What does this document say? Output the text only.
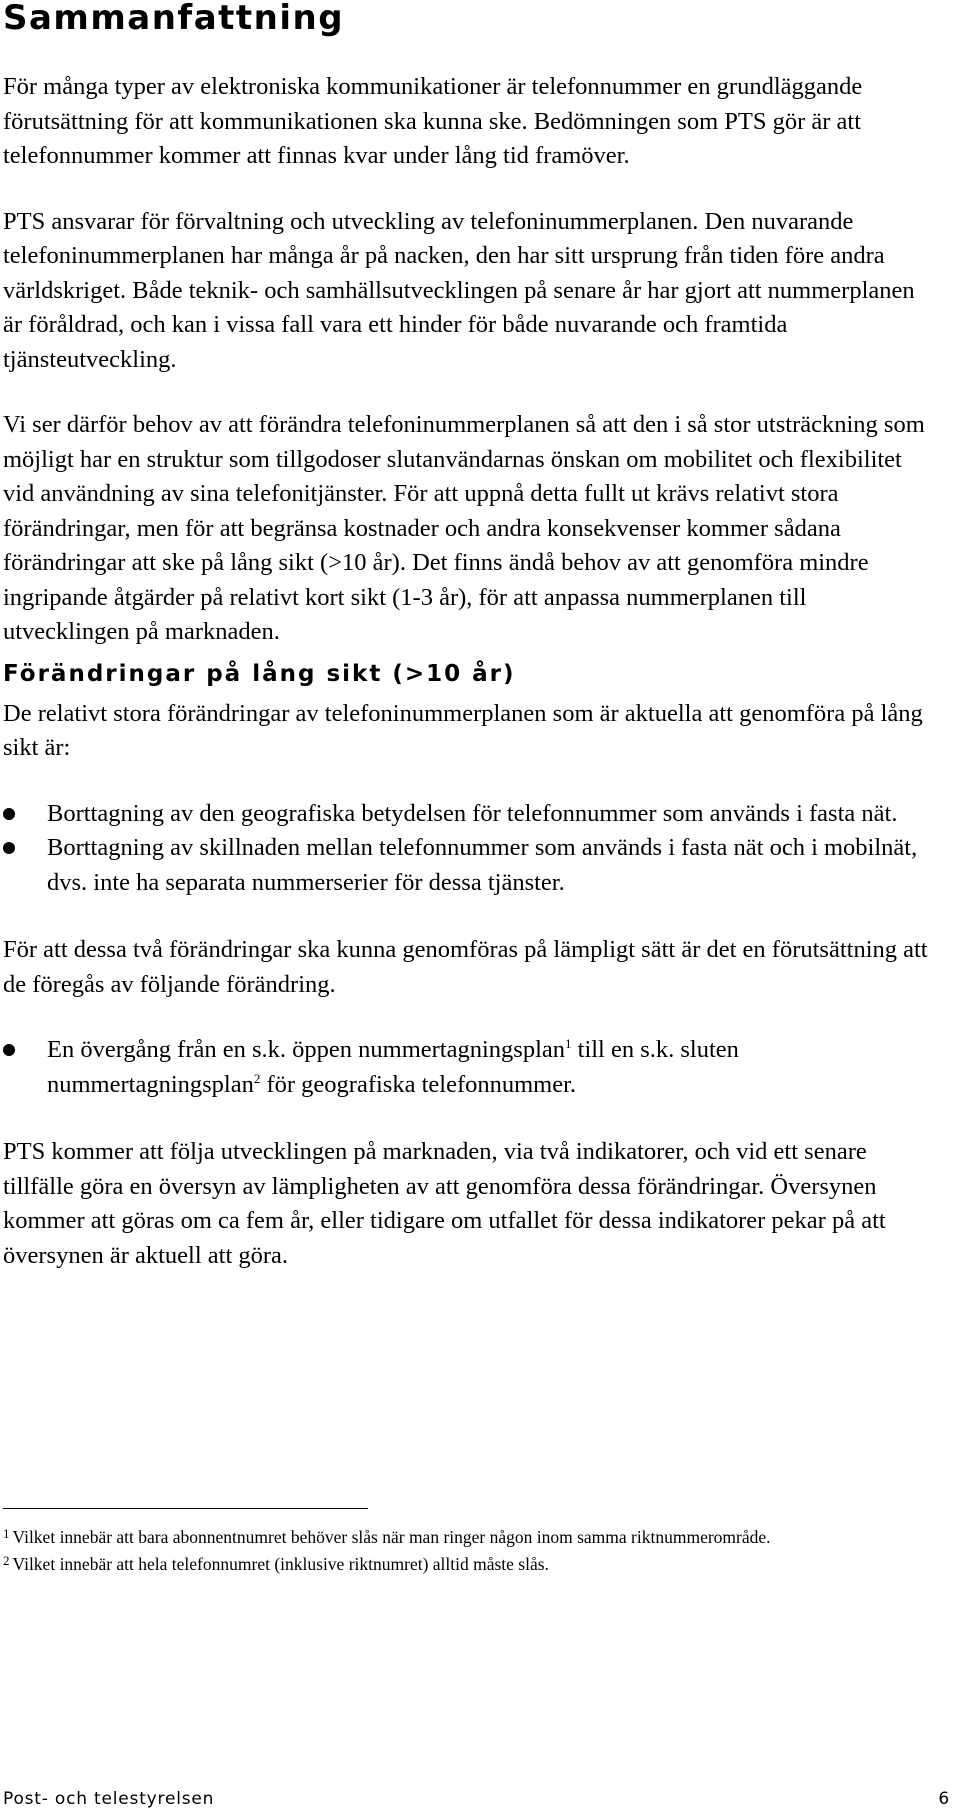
Sammanfattning

För många typer av elektroniska kommunikationer är telefonnummer en grundläggande förutsättning för att kommunikationen ska kunna ske. Bedömningen som PTS gör är att telefonnummer kommer att finnas kvar under lång tid framöver.

PTS ansvarar för förvaltning och utveckling av telefoninummerplanen. Den nuvarande telefoninummerplanen har många år på nacken, den har sitt ursprung från tiden före andra världskriget. Både teknik- och samhällsutvecklingen på senare år har gjort att nummerplanen är föråldrad, och kan i vissa fall vara ett hinder för både nuvarande och framtida tjänsteutveckling.

Vi ser därför behov av att förändra telefoninummerplanen så att den i så stor utsträckning som möjligt har en struktur som tillgodoser slutanvändarnas önskan om mobilitet och flexibilitet vid användning av sina telefonitjänster. För att uppnå detta fullt ut krävs relativt stora förändringar, men för att begränsa kostnader och andra konsekvenser kommer sådana förändringar att ske på lång sikt (>10 år). Det finns ändå behov av att genomföra mindre ingripande åtgärder på relativt kort sikt (1-3 år), för att anpassa nummerplanen till utvecklingen på marknaden.

Förändringar på lång sikt (>10 år)

De relativt stora förändringar av telefoninummerplanen som är aktuella att genomföra på lång sikt är:

Borttagning av den geografiska betydelsen för telefonnummer som används i fasta nät.
Borttagning av skillnaden mellan telefonnummer som används i fasta nät och i mobilnät, dvs. inte ha separata nummerserier för dessa tjänster.

För att dessa två förändringar ska kunna genomföras på lämpligt sätt är det en förutsättning att de föregås av följande förändring.

En övergång från en s.k. öppen nummertagningsplan$^1$ till en s.k. sluten nummertagningsplan$^2$ för geografiska telefonnummer.

PTS kommer att följa utvecklingen på marknaden, via två indikatorer, och vid ett senare tillfälle göra en översyn av lämpligheten av att genomföra dessa förändringar. Översynen kommer att göras om ca fem år, eller tidigare om utfallet för dessa indikatorer pekar på att översynen är aktuell att göra.

$^1$ Vilket innebär att bara abonnentnumret behöver slås när man ringer någon inom samma riktnummerområde.

$^2$ Vilket innebär att hela telefonnumret (inklusive riktnumret) alltid måste slås.

Post- och telestyrelsen	6
